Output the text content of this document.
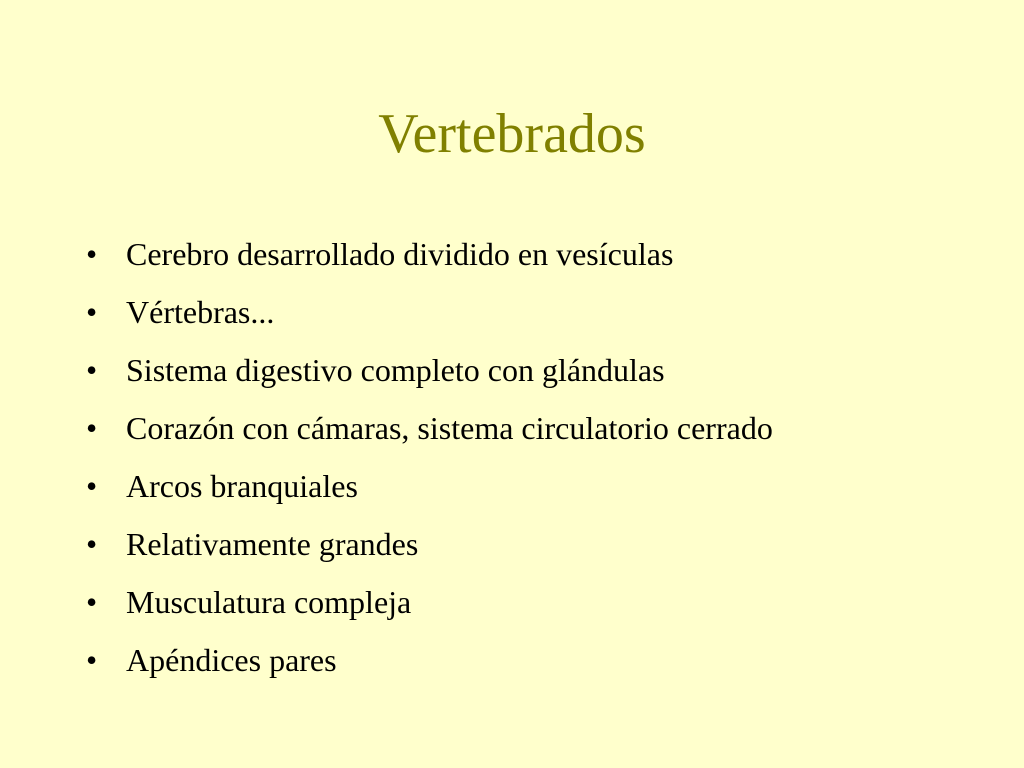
Vertebrados
• Cerebro desarrollado dividido en vesículas
• Vértebras...
• Sistema digestivo completo con glándulas
• Corazón con cámaras, sistema circulatorio cerrado
• Arcos branquiales
• Relativamente grandes
• Musculatura compleja
• Apéndices pares
